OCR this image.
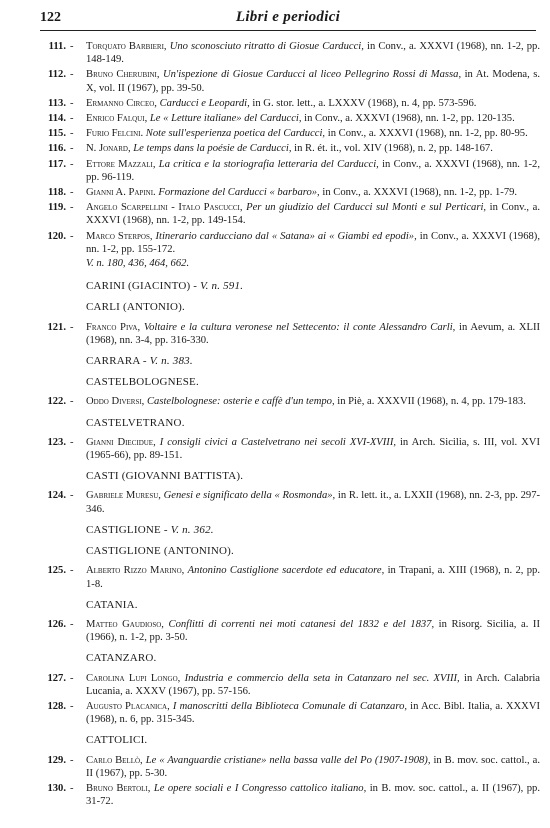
122	Libri e periodici
111. - Torquato Barbieri, Uno sconosciuto ritratto di Giosue Carducci, in Conv., a. XXXVI (1968), nn. 1-2, pp. 148-149.
112. - Bruno Cherubini, Un'ispezione di Giosue Carducci al liceo Pellegrino Rossi di Massa, in At. Modena, s. X, vol. II (1967), pp. 39-50.
113. - Ermanno Circeo, Carducci e Leopardi, in G. stor. lett., a. LXXXV (1968), n. 4, pp. 573-596.
114. - Enrico Falqui, Le « Letture italiane» del Carducci, in Conv., a. XXXVI (1968), nn. 1-2, pp. 120-135.
115. - Furio Felcini. Note sull'esperienza poetica del Carducci, in Conv., a. XXXVI (1968), nn. 1-2, pp. 80-95.
116. - N. Jonard, Le temps dans la poésie de Carducci, in R. ét. it., vol. XIV (1968), n. 2, pp. 148-167.
117. - Ettore Mazzali, La critica e la storiografia letteraria del Carducci, in Conv., a. XXXVI (1968), nn. 1-2, pp. 96-119.
118. - Gianni A. Papini. Formazione del Carducci « barbaro», in Conv., a. XXXVI (1968), nn. 1-2, pp. 1-79.
119. - Angelo Scarpellini - Italo Pascucci, Per un giudizio del Carducci sul Monti e sul Perticari, in Conv., a. XXXVI (1968), nn. 1-2, pp. 149-154.
120. - Marco Sterpos, Itinerario carducciano dal « Satana» ai « Giambi ed epodi», in Conv., a. XXXVI (1968), nn. 1-2, pp. 155-172.
V. n. 180, 436, 464, 662.
CARINI (GIACINTO) - V. n. 591.
CARLI (ANTONIO).
121. - Franco Piva, Voltaire e la cultura veronese nel Settecento: il conte Alessandro Carli, in Aevum, a. XLII (1968), nn. 3-4, pp. 316-330.
CARRARA - V. n. 383.
CASTELBOLOGNESE.
122. - Oddo Diversi, Castelbolognese: osterie e caffè d'un tempo, in Piè, a. XXXVII (1968), n. 4, pp. 179-183.
CASTELVETRANO.
123. - Gianni Diecidue, I consigli civici a Castelvetrano nei secoli XVI-XVIII, in Arch. Sicilia, s. III, vol. XVI (1965-66), pp. 89-151.
CASTI (GIOVANNI BATTISTA).
124. - Gabriele Muresu, Genesi e significato della « Rosmonda», in R. lett. it., a. LXXII (1968), nn. 2-3, pp. 297-346.
CASTIGLIONE - V. n. 362.
CASTIGLIONE (ANTONINO).
125. - Alberto Rizzo Marino, Antonino Castiglione sacerdote ed educatore, in Trapani, a. XIII (1968), n. 2, pp. 1-8.
CATANIA.
126. - Matteo Gaudioso, Conflitti di correnti nei moti catanesi del 1832 e del 1837, in Risorg. Sicilia, a. II (1966), n. 1-2, pp. 3-50.
CATANZARO.
127. - Carolina Lupi Longo, Industria e commercio della seta in Catanzaro nel sec. XVIII, in Arch. Calabria Lucania, a. XXXV (1967), pp. 57-156.
128. - Augusto Placanica, I manoscritti della Biblioteca Comunale di Catanzaro, in Acc. Bibl. Italia, a. XXXVI (1968), n. 6, pp. 315-345.
CATTOLICI.
129. - Carlo Bellò, Le « Avanguardie cristiane» nella bassa valle del Po (1907-1908), in B. mov. soc. cattol., a. II (1967), pp. 5-30.
130. - Bruno Bertoli, Le opere sociali e I Congresso cattolico italiano, in B. mov. soc. cattol., a. II (1967), pp. 31-72.
